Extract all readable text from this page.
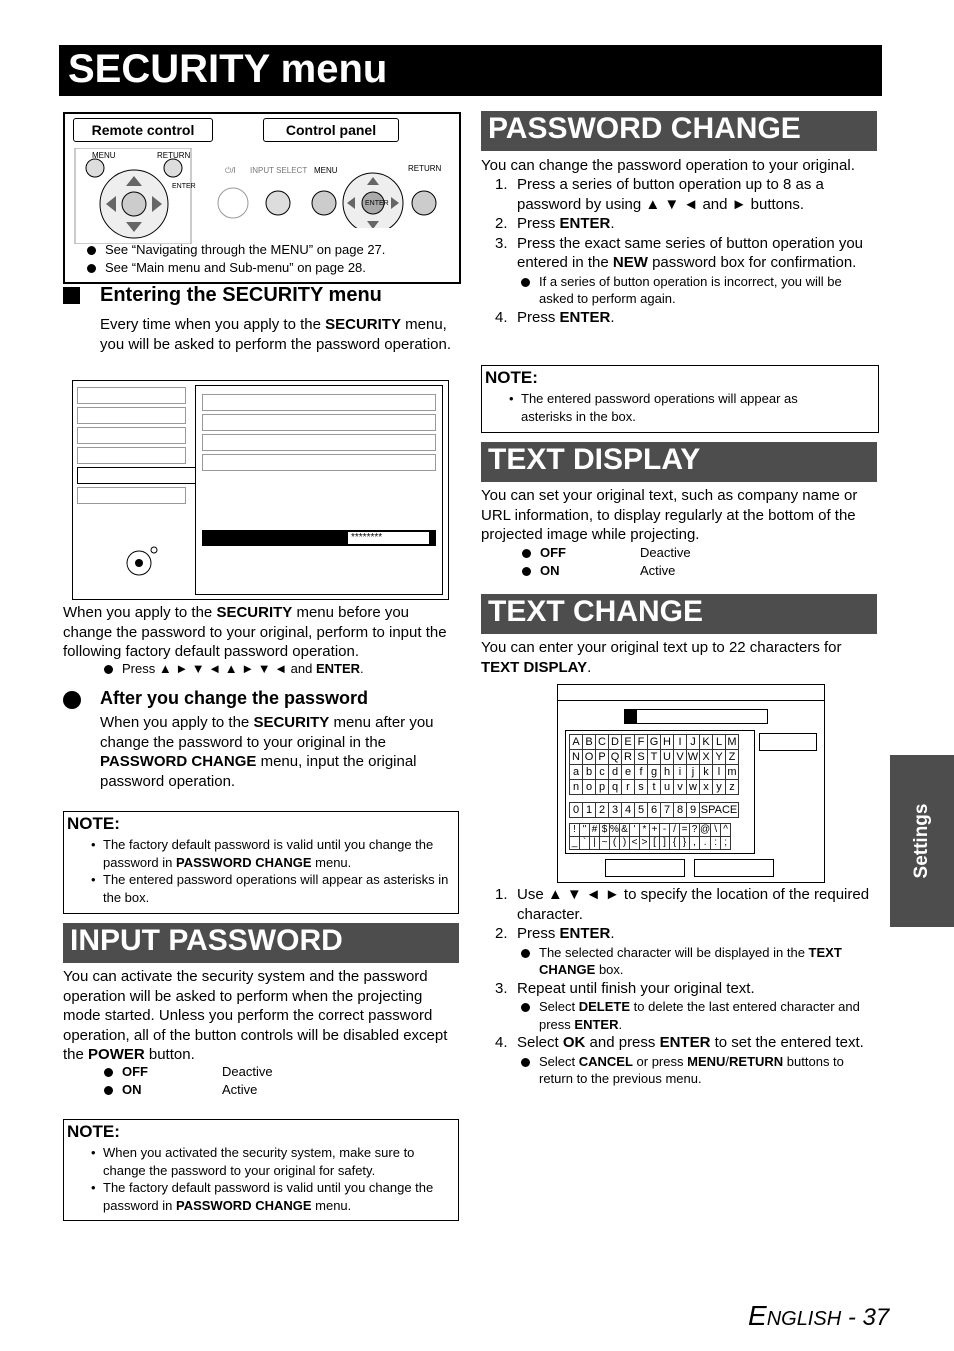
SECURITY menu
Remote control	Control panel
MENU	RETURN
ENTER
⏻/I INPUT SELECT MENU	RETURN
ENTER
See “Navigating through the MENU” on page 27.
See “Main menu and Sub-menu” on page 28.
Entering the SECURITY menu
Every time when you apply to the SECURITY menu, you will be asked to perform the password operation.
********
When you apply to the SECURITY menu before you change the password to your original, perform to input the following factory default password operation.
Press ▲ ► ▼ ◄ ▲ ► ▼ ◄ and ENTER.
After you change the password
When you apply to the SECURITY menu after you change the password to your original in the PASSWORD CHANGE menu, input the original password operation.
NOTE:
• The factory default password is valid until you change the password in PASSWORD CHANGE menu.
• The entered password operations will appear as asterisks in the box.
INPUT PASSWORD
You can activate the security system and the password operation will be asked to perform when the projecting mode started. Unless you perform the correct password operation, all of the button controls will be disabled except the POWER button.
OFF	Deactive
ON	Active
NOTE:
• When you activated the security system, make sure to change the password to your original for safety.
• The factory default password is valid until you change the password in PASSWORD CHANGE menu.
PASSWORD CHANGE
You can change the password operation to your original.
1. Press a series of button operation up to 8 as a password by using ▲ ▼ ◄ and ► buttons.
2. Press ENTER.
3. Press the exact same series of button operation you entered in the NEW password box for confirmation.
If a series of button operation is incorrect, you will be asked to perform again.
4. Press ENTER.
NOTE:
• The entered password operations will appear as asterisks in the box.
TEXT DISPLAY
You can set your original text, such as company name or URL information, to display regularly at the bottom of the projected image while projecting.
OFF	Deactive
ON	Active
TEXT CHANGE
You can enter your original text up to 22 characters for TEXT DISPLAY.
A	B	C	D	E	F	G	H	I	J	K	L	M
N	O	P	Q	R	S	T	U	V	W	X	Y	Z
a	b	c	d	e	f	g	h	i	j	k	l	m
n	o	p	q	r	s	t	u	v	w	x	y	z
0	1	2	3	4	5	6	7	8	9	SPACE
!	"	#	$	%	&	'	*	+	-	/	=	?	@	\	^
_	`	|	~	(	)	<	>	[	]	{	}	,	.	:	;
1. Use ▲ ▼ ◄ ► to specify the location of the required character.
2. Press ENTER.
The selected character will be displayed in the TEXT CHANGE box.
3. Repeat until finish your original text.
Select DELETE to delete the last entered character and press ENTER.
4. Select OK and press ENTER to set the entered text.
Select CANCEL or press MENU/RETURN buttons to return to the previous menu.
Settings
ENGLISH - 37
